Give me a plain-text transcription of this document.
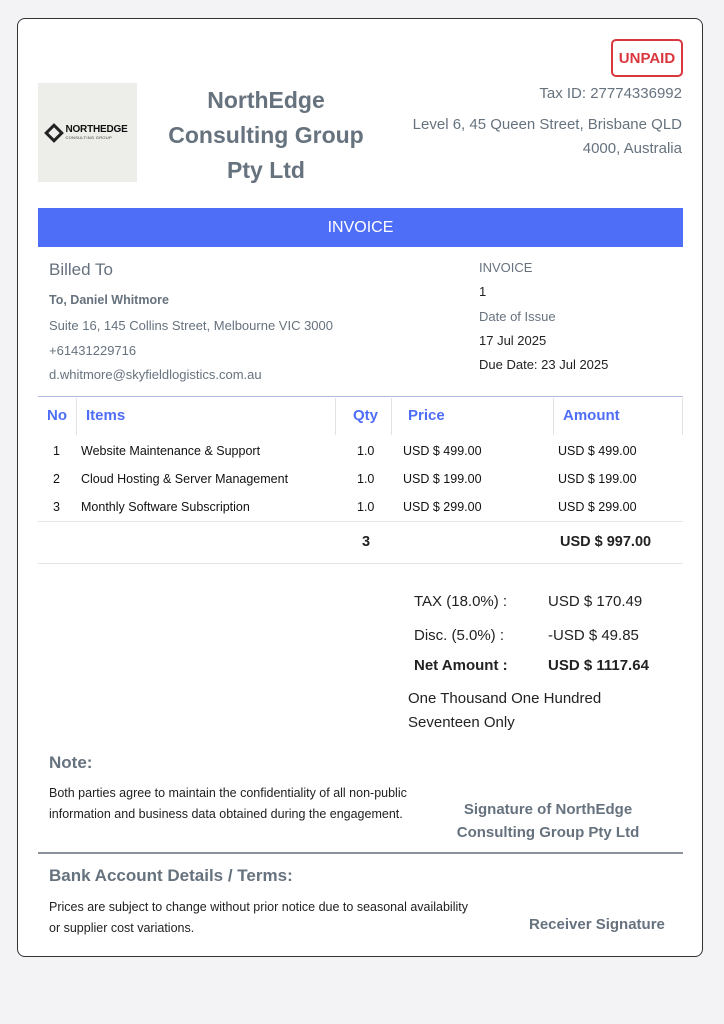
UNPAID
NORTHEDGE
CONSULTING GROUP
NorthEdge Consulting Group Pty Ltd
Tax ID: 27774336992
Level 6, 45 Queen Street, Brisbane QLD 4000, Australia
INVOICE
Billed To
To, Daniel Whitmore
Suite 16, 145 Collins Street, Melbourne VIC 3000
+61431229716
d.whitmore@skyfieldlogistics.com.au
INVOICE
1
Date of Issue
17 Jul 2025
Due Date: 23 Jul 2025
No Items	Qty Price	Amount
1 Website Maintenance & Support	1.0 USD $ 499.00	USD $ 499.00
2 Cloud Hosting & Server Management	1.0 USD $ 199.00	USD $ 199.00
3 Monthly Software Subscription	1.0 USD $ 299.00	USD $ 299.00
3	USD $ 997.00
TAX (18.0%) :	USD $ 170.49
Disc. (5.0%) :	-USD $ 49.85
Net Amount :	USD $ 1117.64
One Thousand One Hundred Seventeen Only
Note:
Both parties agree to maintain the confidentiality of all non-public information and business data obtained during the engagement.	Signature of NorthEdge Consulting Group Pty Ltd
Bank Account Details / Terms:
Prices are subject to change without prior notice due to seasonal availability or supplier cost variations.	Receiver Signature
